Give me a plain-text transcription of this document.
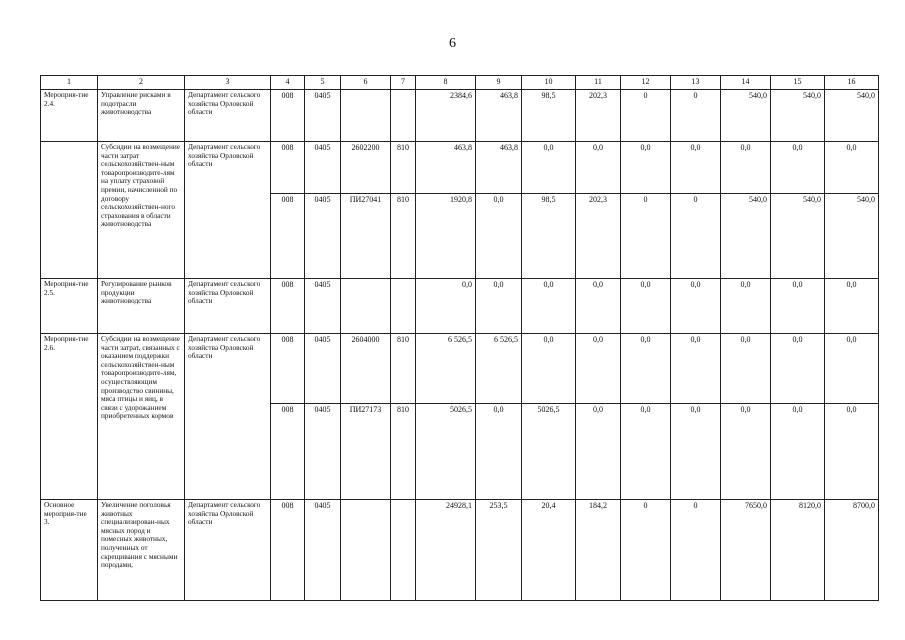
6
1	2	3	4	5	6	7	8	9	10	11	12	13	14	15	16
Мероприя-тие 2.4.	Управление рисками в подотрасли животноводства	Департамент сельского хозяйства Орловской области	008	0405			2384,6	463,8	98,5	202,3	0	0	540,0	540,0	540,0
	Субсидии на возмещение части затрат сельскохозяйствен-ным товаропроизводите-лям на уплату страховой премии, начисленной по договору сельскохозяйствен-ного страхования в области животноводства	Департамент сельского хозяйства Орловской области	008	0405	2602200	810	463,8	463,8	0,0	0,0	0,0	0,0	0,0	0,0	0,0
			008	0405	ПИ27041	810	1920,8	0,0	98,5	202,3	0	0	540,0	540,0	540,0
Мероприя-тие 2.5.	Регулирование рынков продукции животноводства	Департамент сельского хозяйства Орловской области	008	0405			0,0	0,0	0,0	0,0	0,0	0,0	0,0	0,0	0,0
Мероприя-тие 2.6.	Субсидии на возмещение части затрат, связанных с оказанием поддержки сельскохозяйствен-ным товаропроизводите-лям, осуществляющим производство свинины, мяса птицы и яиц, в связи с удорожанием приобретенных кормов	Департамент сельского хозяйства Орловской области	008	0405	2604000	810	6 526,5	6 526,5	0,0	0,0	0,0	0,0	0,0	0,0	0,0
			008	0405	ПИ27173	810	5026,5	0,0	5026,5	0,0	0,0	0,0	0,0	0,0	0,0
Основное мероприя-тие 3.	Увеличение поголовья животных специализирован-ных мясных пород и помесных животных, полученных от скрещивания с мясными породами,	Департамент сельского хозяйства Орловской области	008	0405			24928,1	253,5	20,4	184,2	0	0	7650,0	8120,0	8700,0
